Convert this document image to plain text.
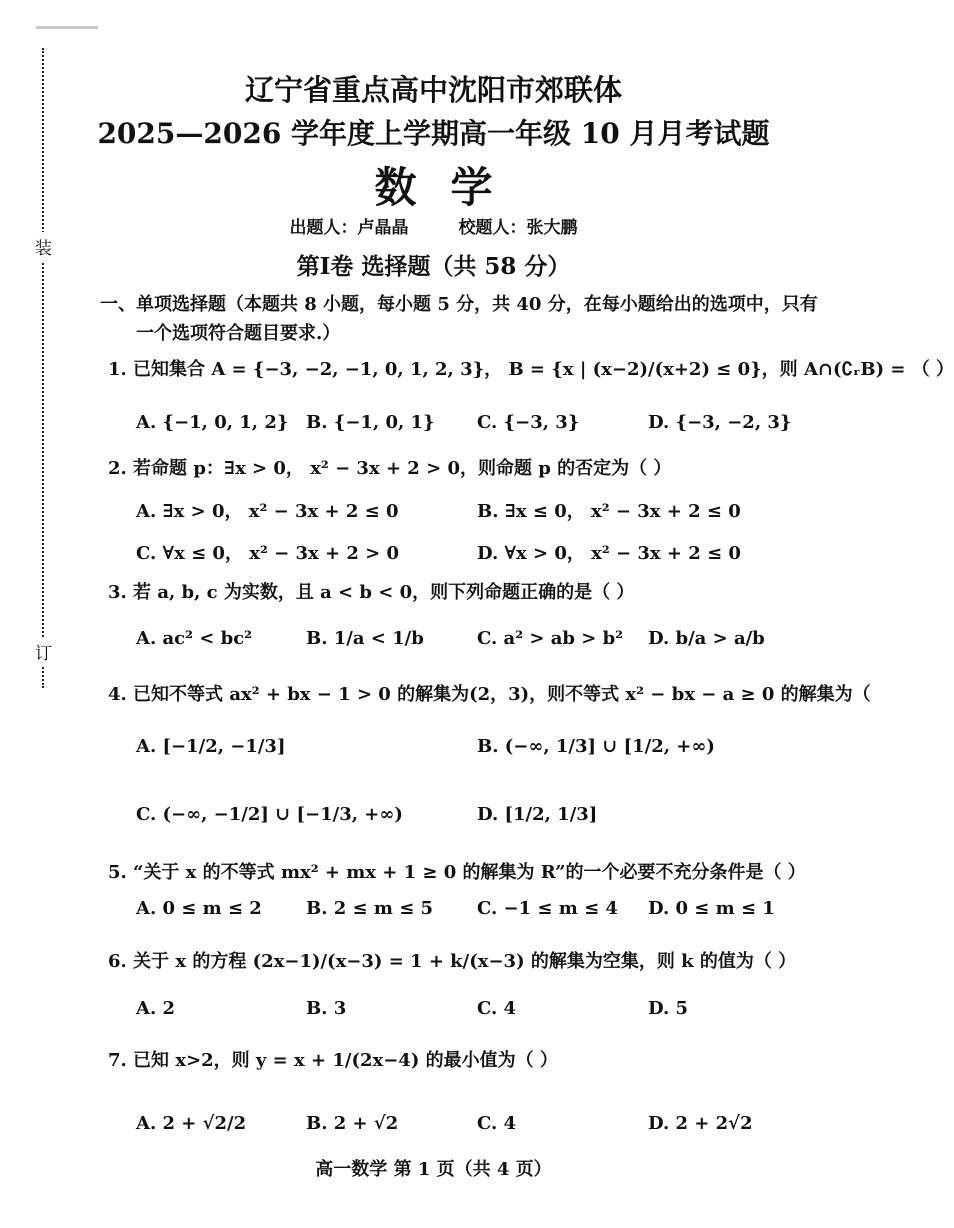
装
订
辽宁省重点高中沈阳市郊联体
2025—2026 学年度上学期高一年级 10 月月考试题
数学
出题人：卢晶晶	校题人：张大鹏
第Ⅰ卷 选择题（共 58 分）
一、单项选择题（本题共 8 小题，每小题 5 分，共 40 分，在每小题给出的选项中，只有一个选项符合题目要求.）
1. 已知集合 A = {−3, −2, −1, 0, 1, 2, 3}， B = {x | (x−2)/(x+2) ≤ 0}，则 A∩(∁ᵣB) = （ ）
A. {−1, 0, 1, 2} B. {−1, 0, 1} C. {−3, 3}	D. {−3, −2, 3}
2. 若命题 p：∃x > 0， x² − 3x + 2 > 0，则命题 p 的否定为（ ）
A. ∃x > 0， x² − 3x + 2 ≤ 0	B. ∃x ≤ 0， x² − 3x + 2 ≤ 0
C. ∀x ≤ 0， x² − 3x + 2 > 0	D. ∀x > 0， x² − 3x + 2 ≤ 0
3. 若 a, b, c 为实数，且 a < b < 0，则下列命题正确的是（ ）
A. ac² < bc²	B. 1/a < 1/b	C. a² > ab > b² D. b/a > a/b
4. 已知不等式 ax² + bx − 1 > 0 的解集为(2，3)，则不等式 x² − bx − a ≥ 0 的解集为（
A. [−1/2, −1/3]	B. (−∞, 1/3] ∪ [1/2, +∞)
C. (−∞, −1/2] ∪ [−1/3, +∞)	D. [1/2, 1/3]
5. “关于 x 的不等式 mx² + mx + 1 ≥ 0 的解集为 R”的一个必要不充分条件是（ ）
A. 0 ≤ m ≤ 2 B. 2 ≤ m ≤ 5 C. −1 ≤ m ≤ 4 D. 0 ≤ m ≤ 1
6. 关于 x 的方程 (2x−1)/(x−3) = 1 + k/(x−3) 的解集为空集，则 k 的值为（ ）
A. 2	B. 3	C. 4	D. 5
7. 已知 x>2，则 y = x + 1/(2x−4) 的最小值为（ ）
A. 2 + √2/2	B. 2 + √2	C. 4	D. 2 + 2√2
高一数学 第 1 页（共 4 页）
